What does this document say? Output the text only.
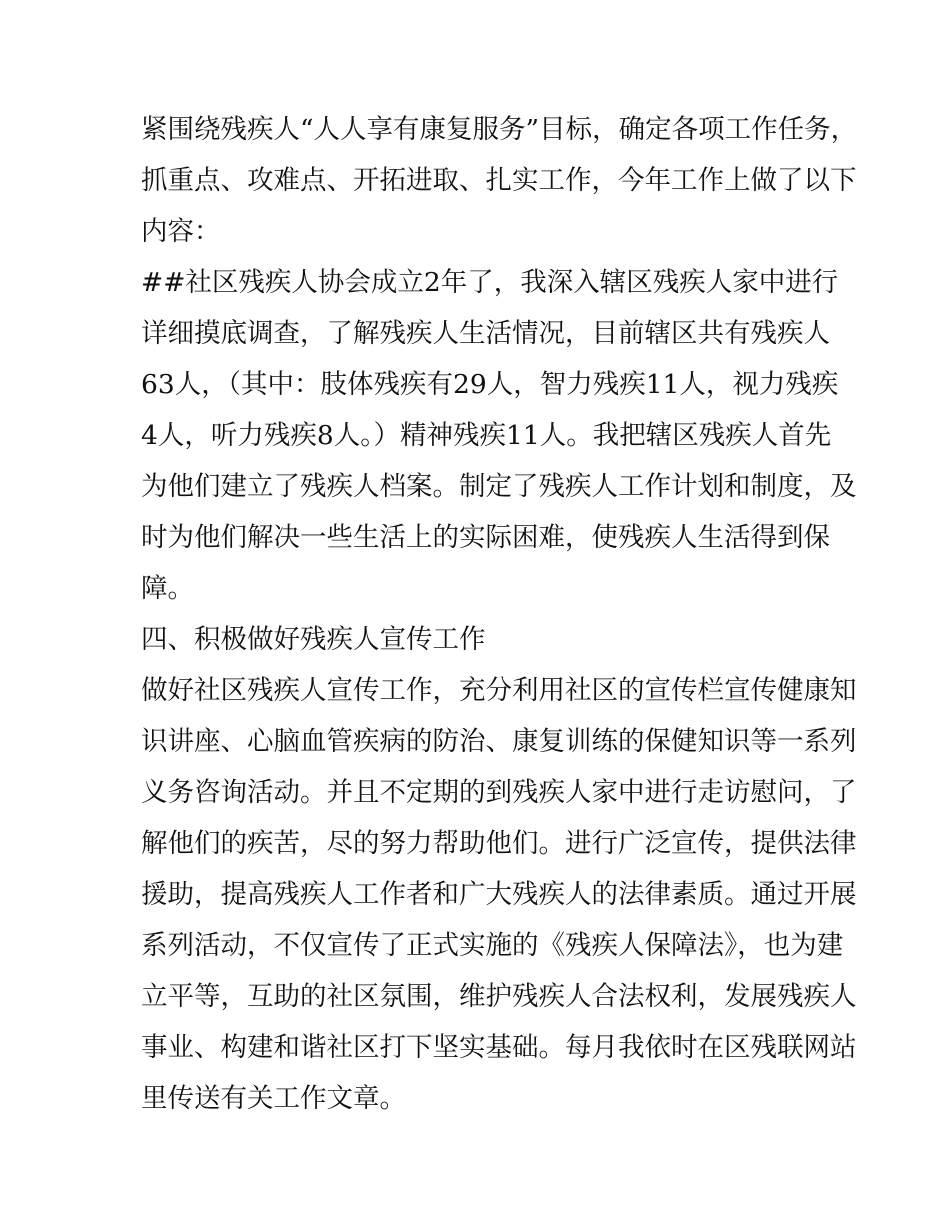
紧围绕残疾人“人人享有康复服务”目标，确定各项工作任务，
抓重点、攻难点、开拓进取、扎实工作，今年工作上做了以下
内容：
##社区残疾人协会成立2年了，我深入辖区残疾人家中进行
详细摸底调查，了解残疾人生活情况，目前辖区共有残疾人
63人，（其中：肢体残疾有29人，智力残疾11人，视力残疾
4人，听力残疾8人。）精神残疾11人。我把辖区残疾人首先
为他们建立了残疾人档案。制定了残疾人工作计划和制度，及
时为他们解决一些生活上的实际困难，使残疾人生活得到保
障。
四、积极做好残疾人宣传工作
做好社区残疾人宣传工作，充分利用社区的宣传栏宣传健康知
识讲座、心脑血管疾病的防治、康复训练的保健知识等一系列
义务咨询活动。并且不定期的到残疾人家中进行走访慰问，了
解他们的疾苦，尽的努力帮助他们。进行广泛宣传，提供法律
援助，提高残疾人工作者和广大残疾人的法律素质。通过开展
系列活动，不仅宣传了正式实施的《残疾人保障法》，也为建
立平等，互助的社区氛围，维护残疾人合法权利，发展残疾人
事业、构建和谐社区打下坚实基础。每月我依时在区残联网站
里传送有关工作文章。
